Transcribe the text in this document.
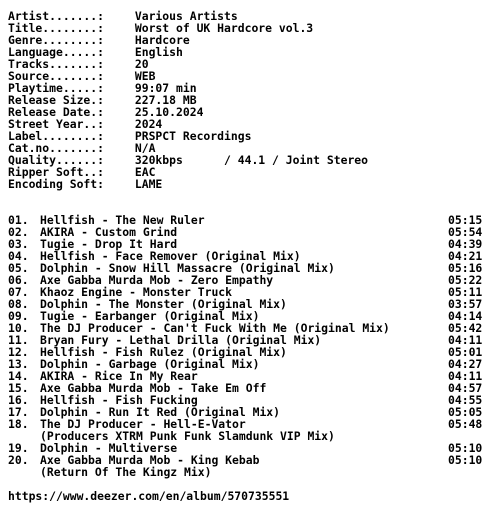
Artist.......:	Various Artists
Title........:	Worst of UK Hardcore vol.3
Genre........:	Hardcore
Language.....:	English
Tracks.......:	20
Source.......:	WEB
Playtime.....:	99:07 min
Release Size.:	227.18 MB
Release Date.:	25.10.2024
Street Year..:	2024
Label........:	PRSPCT Recordings
Cat.no.......:	N/A
Quality......:	320kbps      / 44.1 / Joint Stereo
Ripper Soft..:	EAC
Encoding Soft:	LAME
01. Hellfish - The New Ruler	05:15
02. AKIRA - Custom Grind	05:54
03. Tugie - Drop It Hard	04:39
04. Hellfish - Face Remover (Original Mix)	04:21
05. Dolphin - Snow Hill Massacre (Original Mix)	05:16
06. Axe Gabba Murda Mob - Zero Empathy	05:22
07. Khaoz Engine - Monster Truck	05:11
08. Dolphin - The Monster (Original Mix)	03:57
09. Tugie - Earbanger (Original Mix)	04:14
10. The DJ Producer - Can't Fuck With Me (Original Mix)	05:42
11. Bryan Fury - Lethal Drilla (Original Mix)	04:11
12. Hellfish - Fish Rulez (Original Mix)	05:01
13. Dolphin - Garbage (Original Mix)	04:27
14. AKIRA - Rice In My Rear	04:11
15. Axe Gabba Murda Mob - Take Em Off	04:57
16. Hellfish - Fish Fucking	04:55
17. Dolphin - Run It Red (Original Mix)	05:05
18. The DJ Producer - Hell-E-Vator	05:48
(Producers XTRM Punk Funk Slamdunk VIP Mix)
19. Dolphin - Multiverse	05:10
20. Axe Gabba Murda Mob - King Kebab	05:10
(Return Of The Kingz Mix)
https://www.deezer.com/en/album/570735551
